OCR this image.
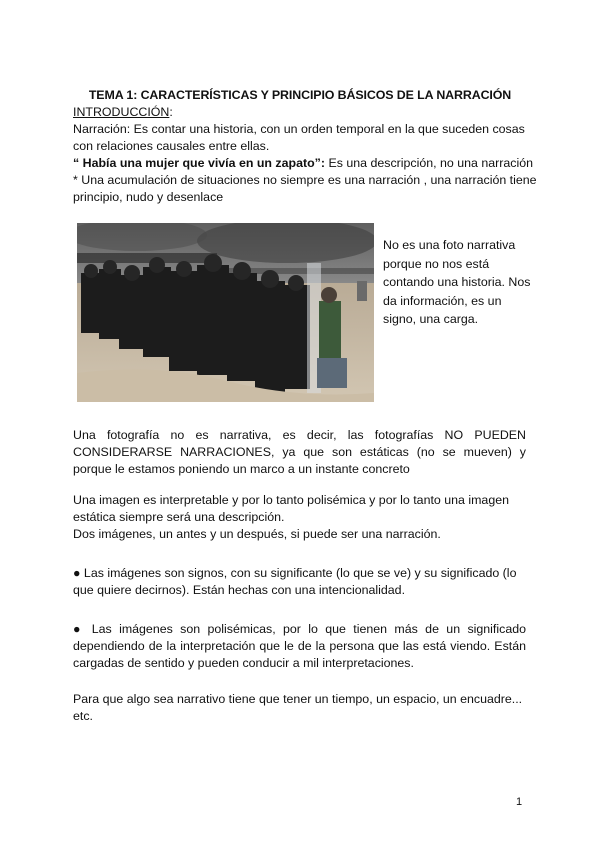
TEMA 1: CARACTERÍSTICAS Y PRINCIPIO BÁSICOS DE LA NARRACIÓN
INTRODUCCIÓN:
Narración: Es contar una historia, con un orden temporal en la que suceden cosas
con relaciones causales entre ellas.
“ Había una mujer que vivía en un zapato”: Es una descripción, no una narración
* Una acumulación de situaciones no siempre es una narración , una narración tiene
principio, nudo y desenlace
No es una foto narrativa porque no nos está contando una historia. Nos da información, es un signo, una carga.
Una fotografía no es narrativa, es decir, las fotografías NO PUEDEN CONSIDERARSE NARRACIONES, ya que son estáticas (no se mueven) y porque le estamos poniendo un marco a un instante concreto
Una imagen es interpretable y por lo tanto polisémica y por lo tanto una imagen
estática siempre será una descripción.
Dos imágenes, un antes y un después, si puede ser una narración.
● Las imágenes son signos, con su significante (lo que se ve) y su significado (lo que quiere decirnos). Están hechas con una intencionalidad.
● Las imágenes son polisémicas, por lo que tienen más de un significado dependiendo de la interpretación que le de la persona que las está viendo. Están cargadas de sentido y pueden conducir a mil interpretaciones.
Para que algo sea narrativo tiene que tener un tiempo, un espacio, un encuadre... etc.
1
